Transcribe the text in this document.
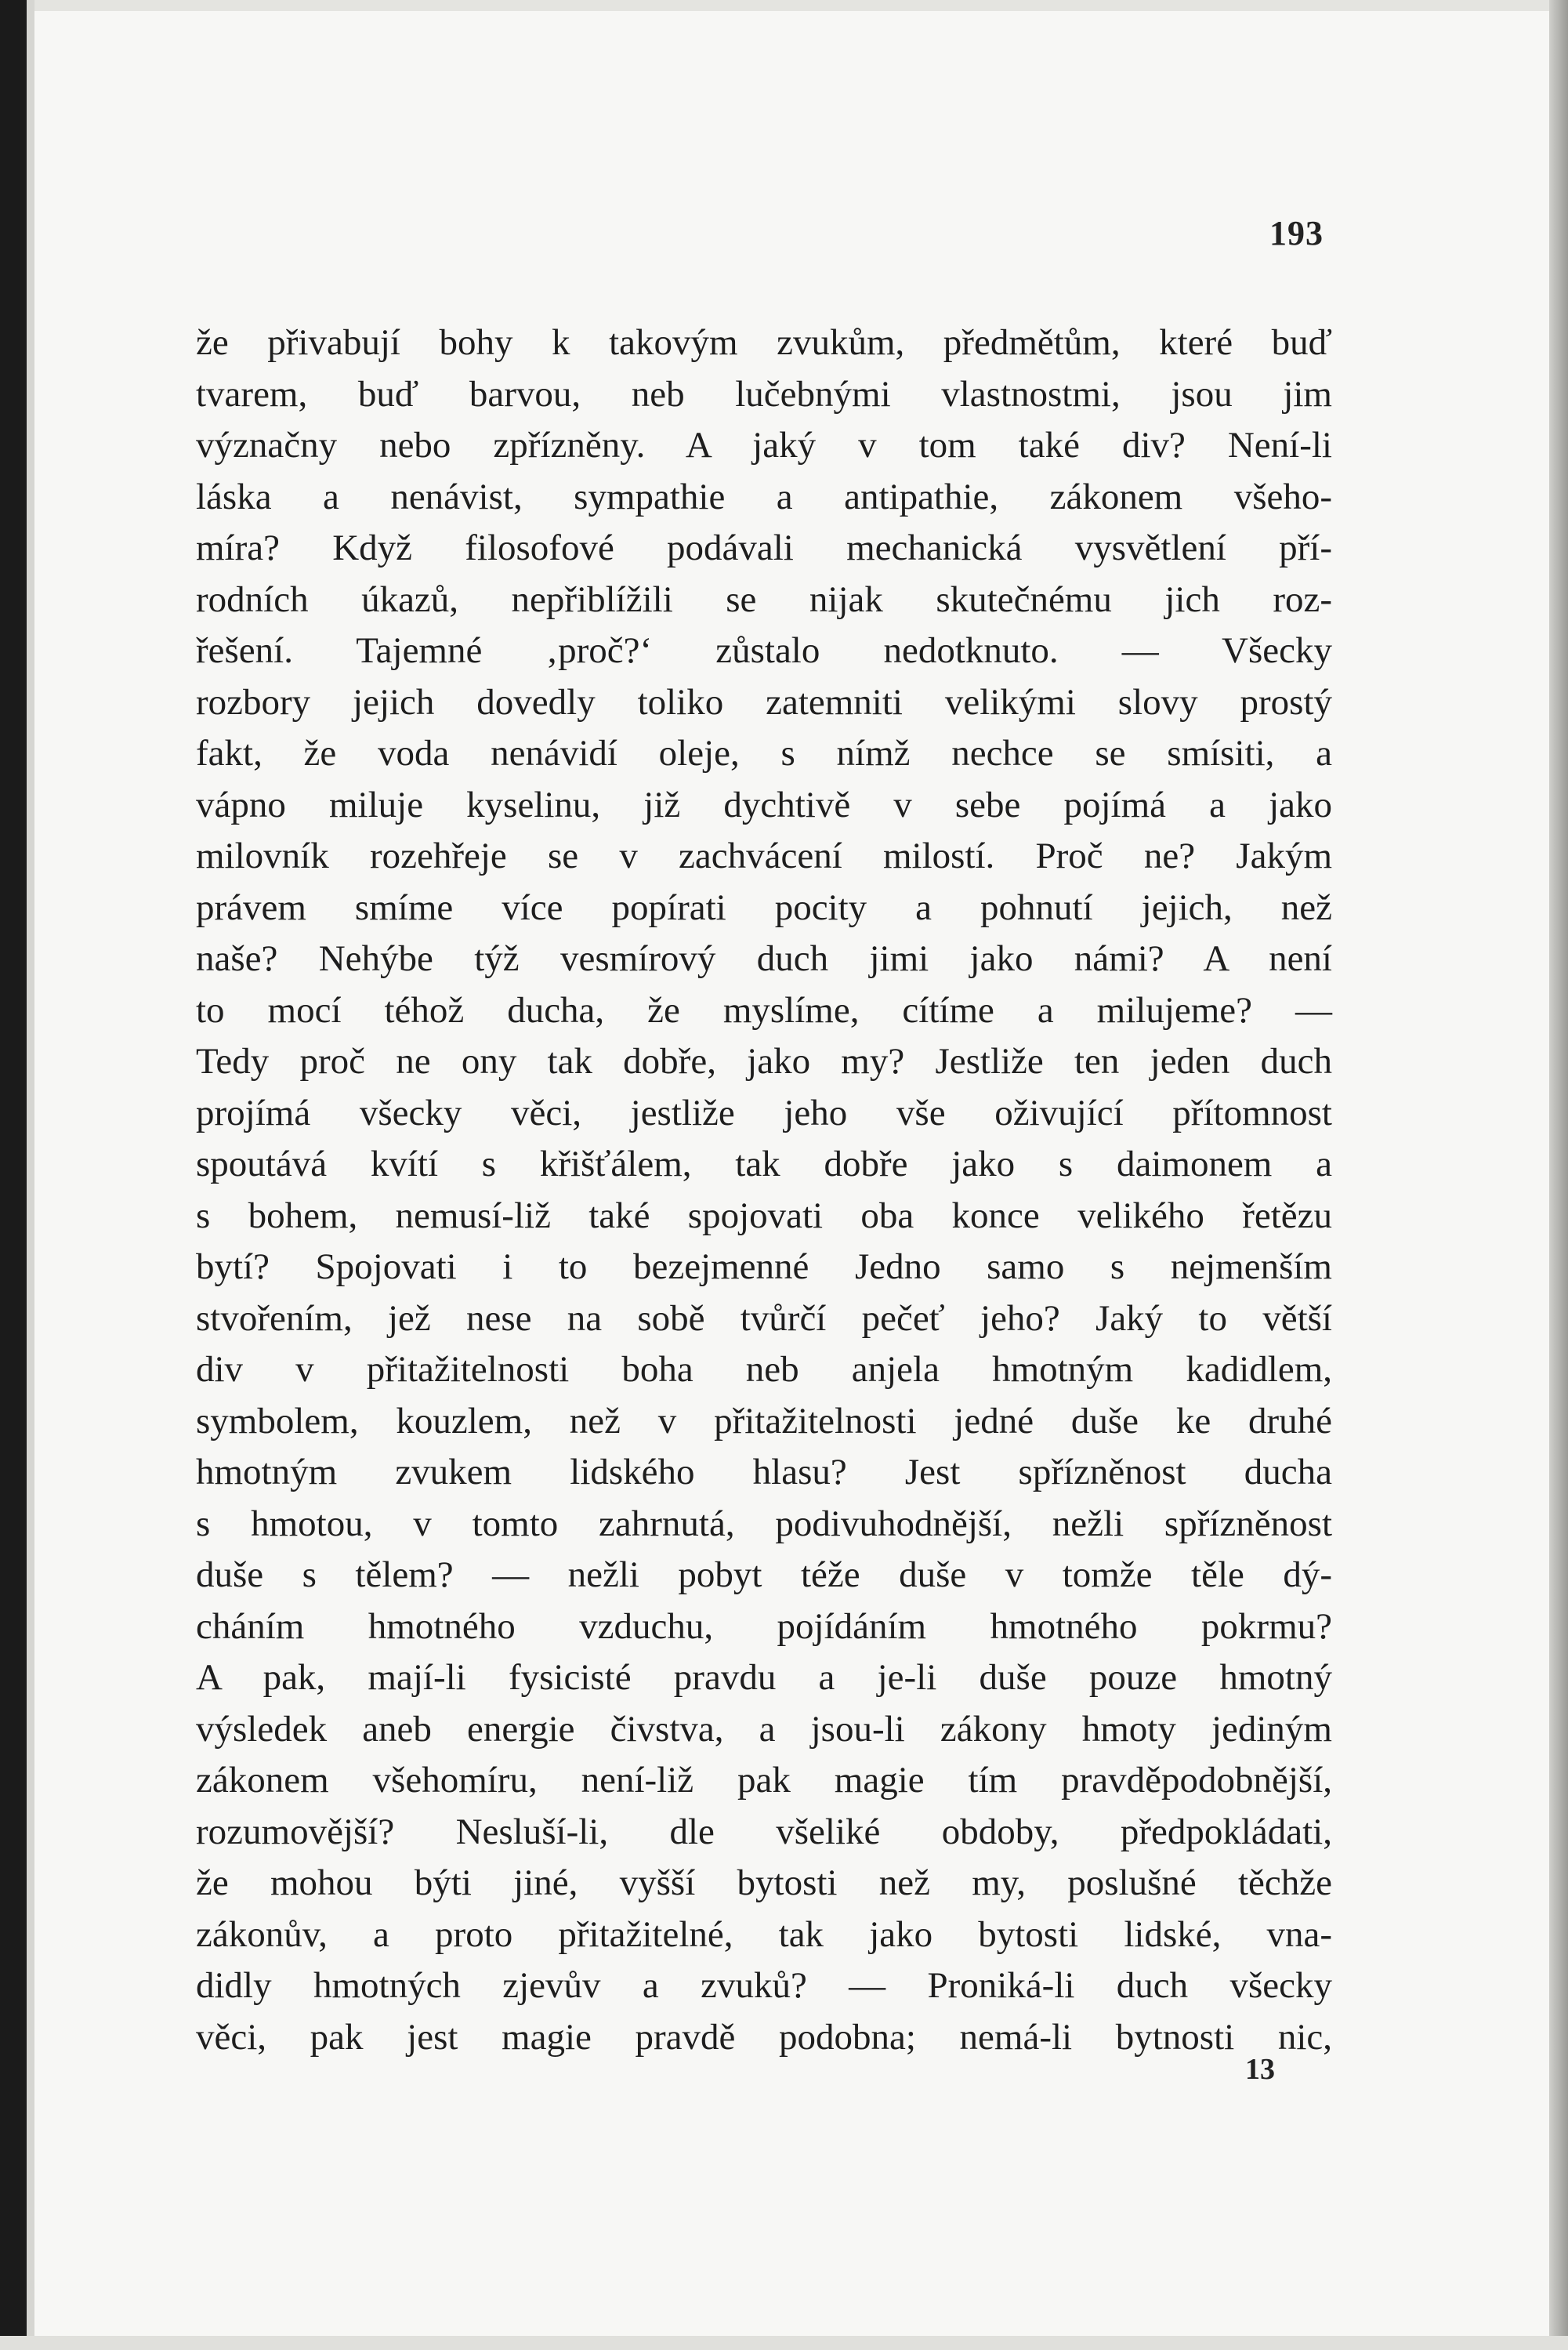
193
že přivabují bohy k takovým zvukům, předmětům, které buď
tvarem, buď barvou, neb lučebnými vlastnostmi, jsou jim
význačny nebo zpřízněny. A jaký v tom také div? Není-li
láska a nenávist, sympathie a antipathie, zákonem všeho-
míra? Když filosofové podávali mechanická vysvětlení pří-
rodních úkazů, nepřiblížili se nijak skutečnému jich roz-
řešení. Tajemné ‚proč?‘ zůstalo nedotknuto. — Všecky
rozbory jejich dovedly toliko zatemniti velikými slovy prostý
fakt, že voda nenávidí oleje, s nímž nechce se smísiti, a
vápno miluje kyselinu, již dychtivě v sebe pojímá a jako
milovník rozehřeje se v zachvácení milostí. Proč ne? Jakým
právem smíme více popírati pocity a pohnutí jejich, než
naše? Nehýbe týž vesmírový duch jimi jako námi? A není
to mocí téhož ducha, že myslíme, cítíme a milujeme? —
Tedy proč ne ony tak dobře, jako my? Jestliže ten jeden duch
projímá všecky věci, jestliže jeho vše oživující přítomnost
spoutává kvítí s křišťálem, tak dobře jako s daimonem a
s bohem, nemusí-liž také spojovati oba konce velikého řetězu
bytí? Spojovati i to bezejmenné Jedno samo s nejmenším
stvořením, jež nese na sobě tvůrčí pečeť jeho? Jaký to větší
div v přitažitelnosti boha neb anjela hmotným kadidlem,
symbolem, kouzlem, než v přitažitelnosti jedné duše ke druhé
hmotným zvukem lidského hlasu? Jest spřízněnost ducha
s hmotou, v tomto zahrnutá, podivuhodnější, nežli spřízněnost
duše s tělem? — nežli pobyt téže duše v tomže těle dý-
cháním hmotného vzduchu, pojídáním hmotného pokrmu?
A pak, mají-li fysicisté pravdu a je-li duše pouze hmotný
výsledek aneb energie čivstva, a jsou-li zákony hmoty jediným
zákonem všehomíru, není-liž pak magie tím pravděpodobnější,
rozumovější? Nesluší-li, dle všeliké obdoby, předpokládati,
že mohou býti jiné, vyšší bytosti než my, poslušné těchže
zákonův, a proto přitažitelné, tak jako bytosti lidské, vna-
didly hmotných zjevův a zvuků? — Proniká-li duch všecky
věci, pak jest magie pravdě podobna; nemá-li bytnosti nic,
13
